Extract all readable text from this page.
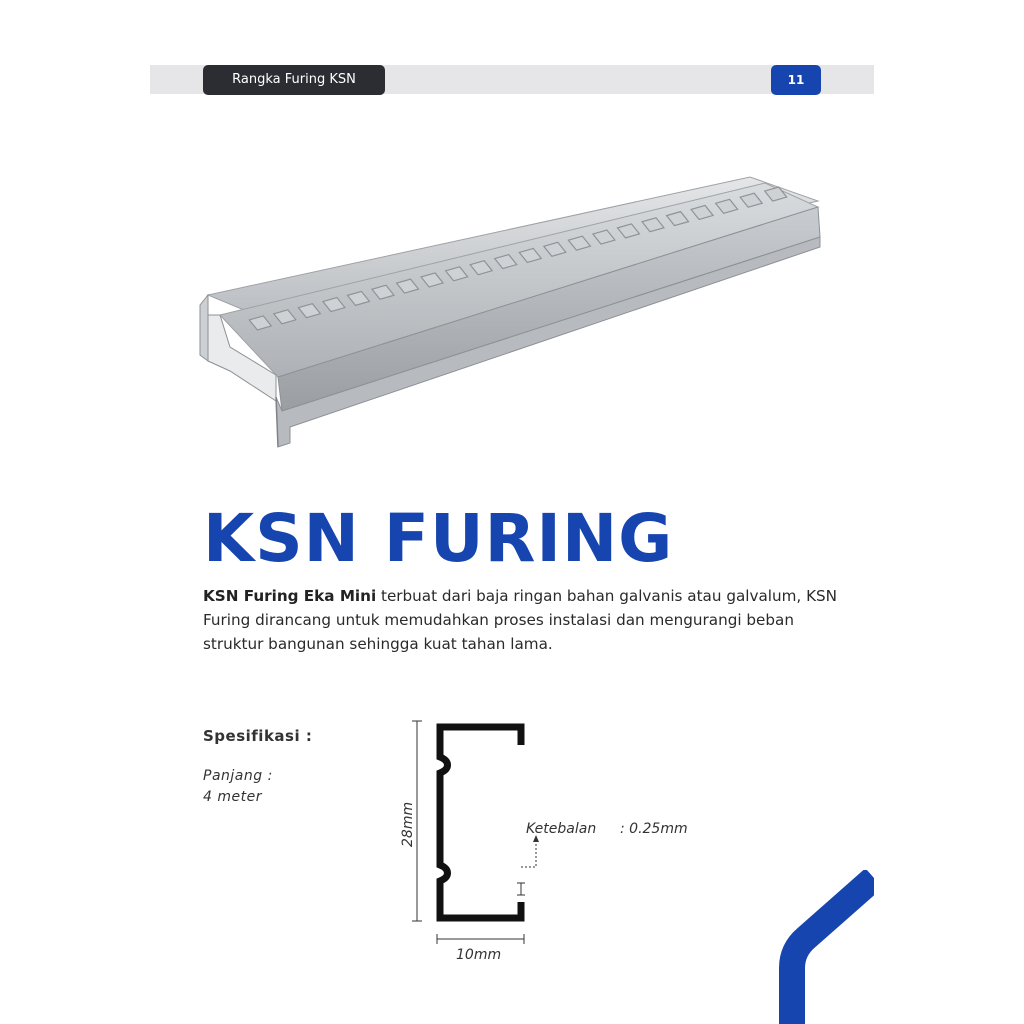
Rangka Furing KSN	11
KSN FURING
KSN Furing Eka Mini terbuat dari baja ringan bahan galvanis atau galvalum, KSN Furing dirancang untuk memudahkan proses instalasi dan mengurangi beban struktur bangunan sehingga kuat tahan lama.
Spesifikasi :
Panjang :
4 meter
28mm	Ketebalan : 0.25mm
10mm
